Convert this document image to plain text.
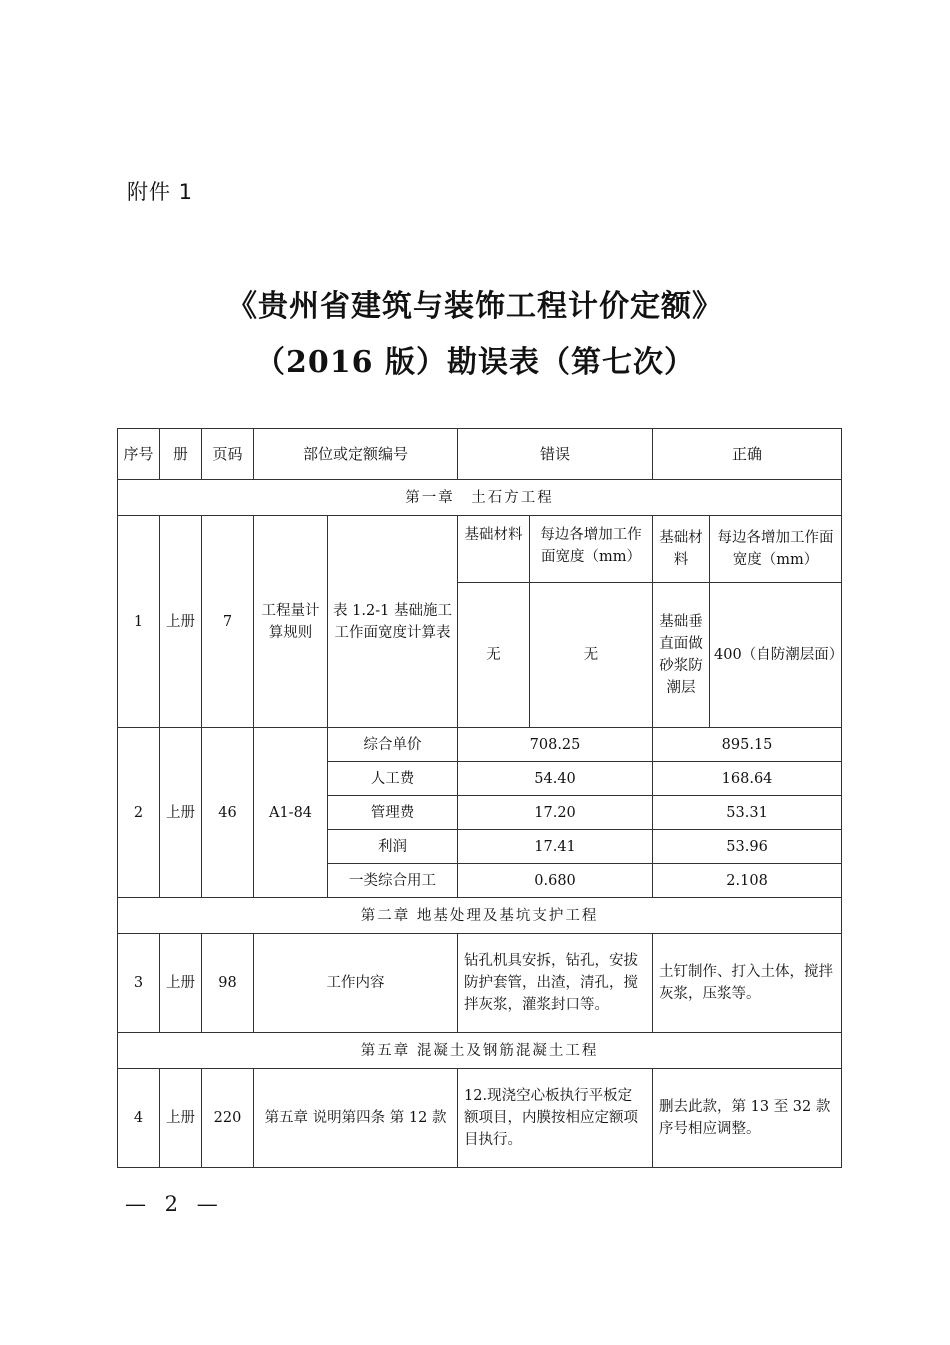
附件 1
《贵州省建筑与装饰工程计价定额》
（2016 版）勘误表（第七次）
序号	册	页码	部位或定额编号		错误		正确	
第一章　土石方工程								
1	上册	7	工程量计算规则	表 1.2-1 基础施工工作面宽度计算表	基础材料	每边各增加工作面宽度（mm）	基础材料	每边各增加工作面宽度（mm）
					无	无	基础垂直面做砂浆防潮层	400（自防潮层面）
2	上册	46	A1-84	综合单价	708.25		895.15	
				人工费	54.40		168.64	
				管理费	17.20		53.31	
				利润	17.41		53.96	
				一类综合用工	0.680		2.108	
第二章 地基处理及基坑支护工程								
3	上册	98	工作内容		钻孔机具安拆，钻孔，安拔防护套管，出渣，清孔，搅拌灰浆，灌浆封口等。		土钉制作、打入土体，搅拌灰浆，压浆等。	
第五章 混凝土及钢筋混凝土工程								
4	上册	220	第五章 说明第四条 第 12 款		12.现浇空心板执行平板定额项目，内膜按相应定额项目执行。		删去此款，第 13 至 32 款序号相应调整。	
— 2 —
